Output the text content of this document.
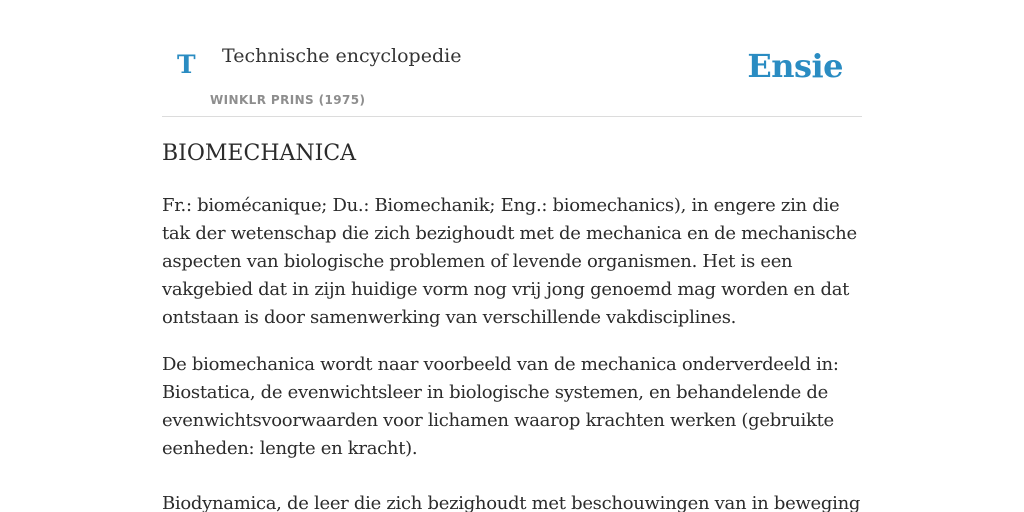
T Technische encyclopedie
WINKLR PRINS (1975)
Ensie
BIOMECHANICA

Fr.: biomécanique; Du.: Biomechanik; Eng.: biomechanics), in engere zin die tak der wetenschap die zich bezighoudt met de mechanica en de mechanische aspecten van biologische problemen of levende organismen. Het is een vakgebied dat in zijn huidige vorm nog vrij jong genoemd mag worden en dat ontstaan is door samenwerking van verschillende vakdisciplines.

De biomechanica wordt naar voorbeeld van de mechanica onderverdeeld in: Biostatica, de evenwichtsleer in biologische systemen, en behandelende de evenwichtsvoorwaarden voor lichamen waarop krachten werken (gebruikte eenheden: lengte en kracht).

Biodynamica, de leer die zich bezighoudt met beschouwingen van in beweging
